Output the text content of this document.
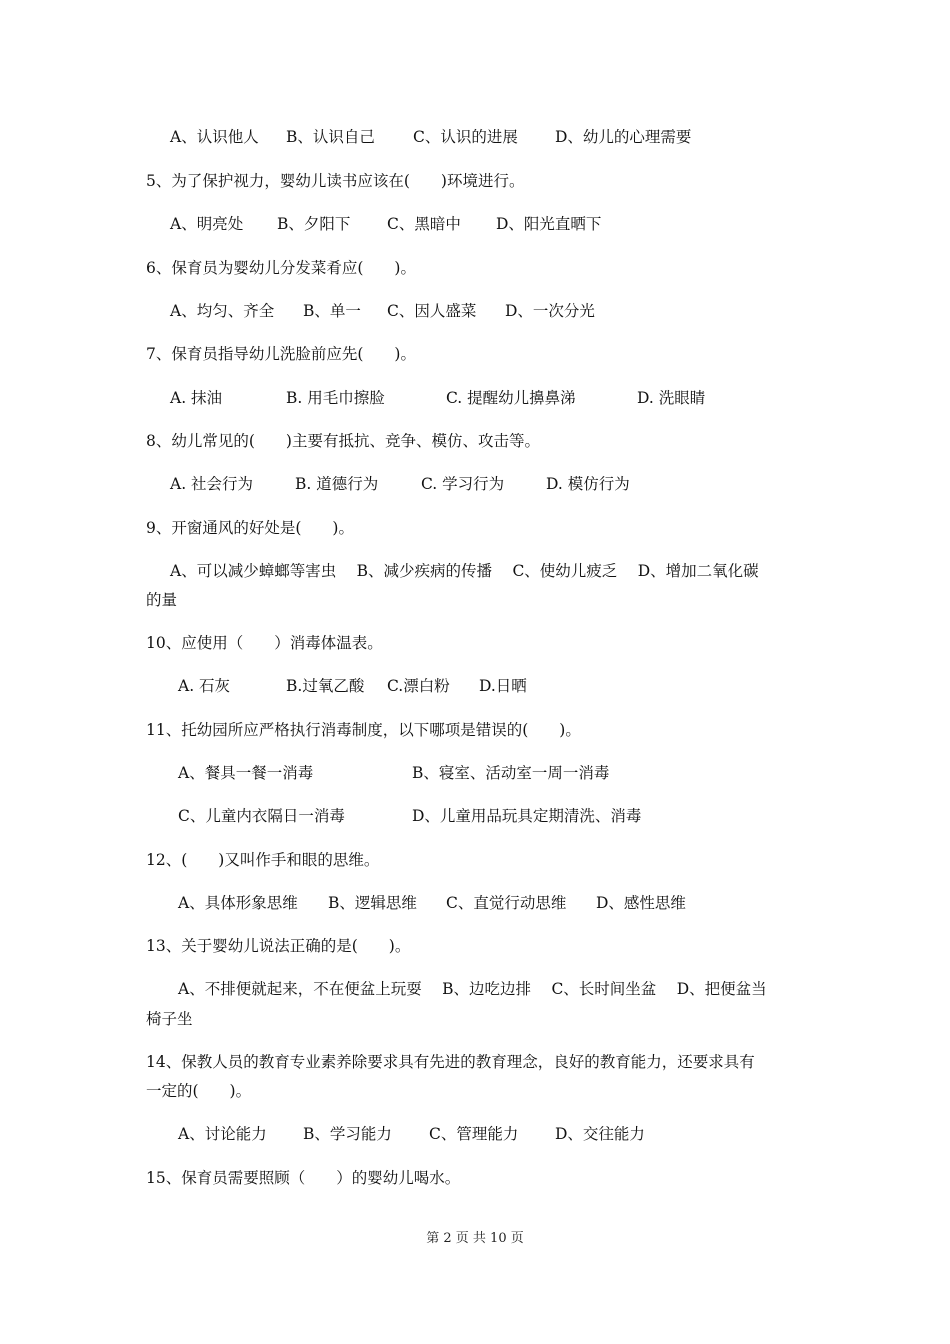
A、认识他人 B、认识自己 C、认识的进展 D、幼儿的心理需要
5、为了保护视力，婴幼儿读书应该在(　　)环境进行。
A、明亮处 B、夕阳下 C、黑暗中 D、阳光直晒下
6、保育员为婴幼儿分发菜肴应(　　)。
A、均匀、齐全 B、单一 C、因人盛菜 D、一次分光
7、保育员指导幼儿洗脸前应先(　　)。
A. 抹油	B. 用毛巾擦脸	C. 提醒幼儿擤鼻涕	D. 洗眼睛
8、幼儿常见的(　　)主要有抵抗、竞争、模仿、攻击等。
A. 社会行为	B. 道德行为	C. 学习行为	D. 模仿行为
9、开窗通风的好处是(　　)。
A、可以减少蟑螂等害虫　 B、减少疾病的传播　 C、使幼儿疲乏　 D、增加二氧化碳
的量
10、应使用（　　）消毒体温表。
A. 石灰	B.过氧乙酸 C.漂白粉 D.日晒
11、托幼园所应严格执行消毒制度，以下哪项是错误的(　　)。
A、餐具一餐一消毒	B、寝室、活动室一周一消毒
C、儿童内衣隔日一消毒	D、儿童用品玩具定期清洗、消毒
12、(　　)又叫作手和眼的思维。
A、具体形象思维 B、逻辑思维 C、直觉行动思维 D、感性思维
13、关于婴幼儿说法正确的是(　　)。
A、不排便就起来，不在便盆上玩耍　 B、边吃边排　 C、长时间坐盆　 D、把便盆当
椅子坐
14、保教人员的教育专业素养除要求具有先进的教育理念，良好的教育能力，还要求具有
一定的(　　)。
A、讨论能力 B、学习能力 C、管理能力 D、交往能力
15、保育员需要照顾（　　）的婴幼儿喝水。
第 2 页 共 10 页
